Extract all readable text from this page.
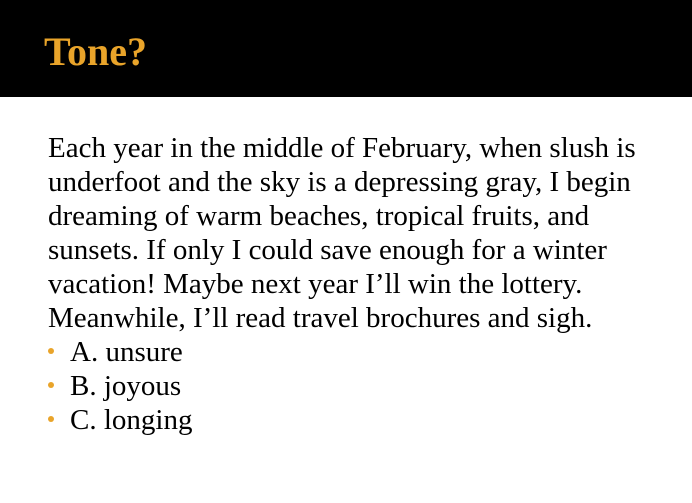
Tone?

Each year in the middle of February, when slush is underfoot and the sky is a depressing gray, I begin dreaming of warm beaches, tropical fruits, and sunsets. If only I could save enough for a winter vacation! Maybe next year I’ll win the lottery. Meanwhile, I’ll read travel brochures and sigh.

A. unsure
B. joyous
C. longing
